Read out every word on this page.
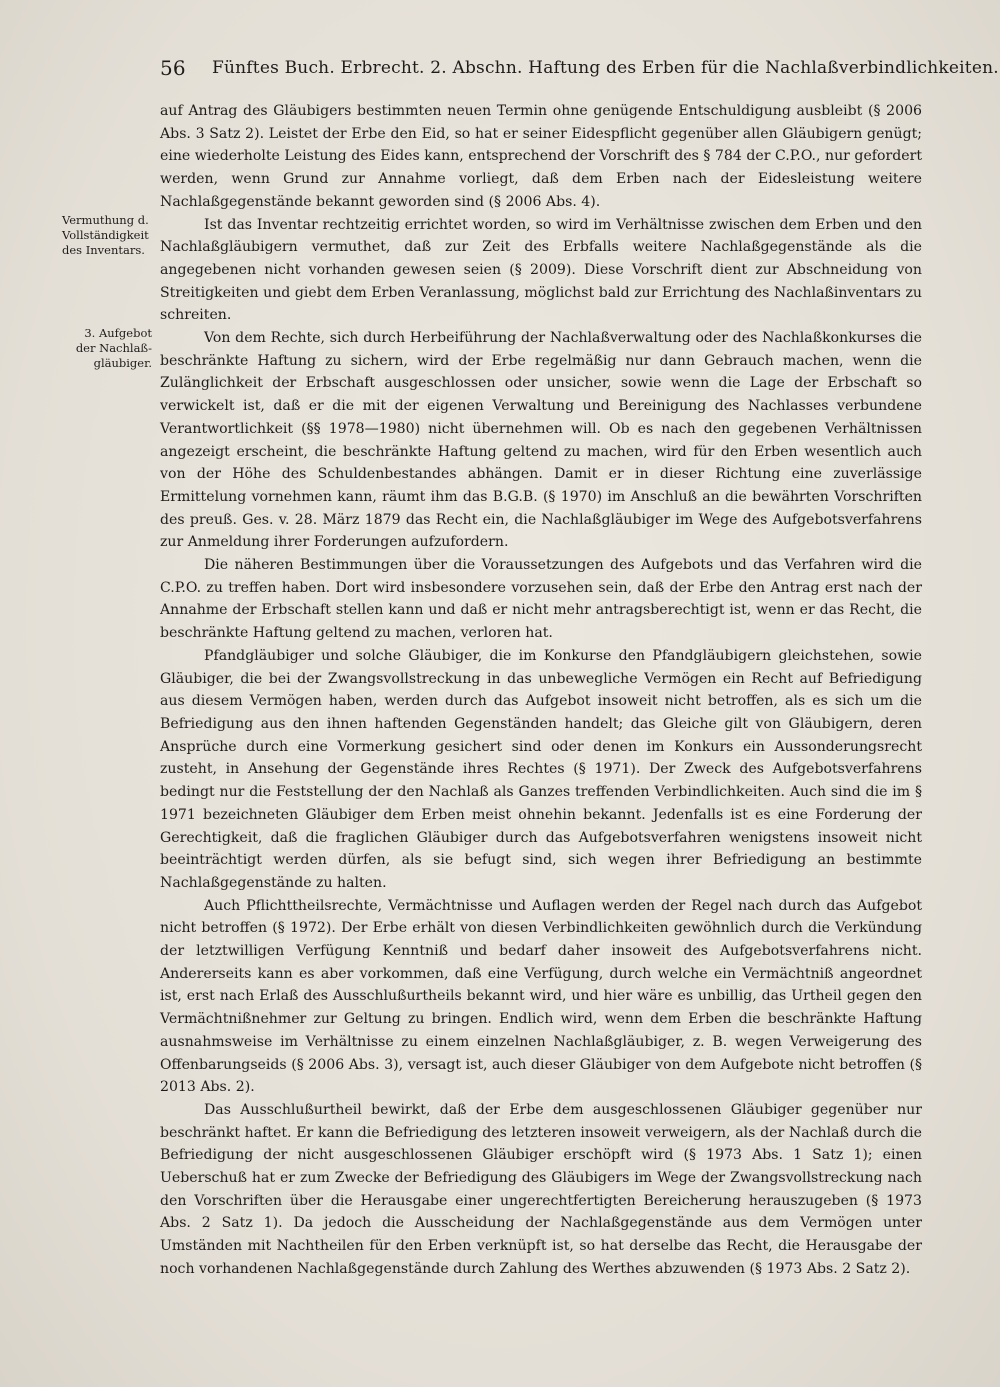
56 Fünftes Buch. Erbrecht. 2. Abschn. Haftung des Erben für die Nachlaßverbindlichkeiten.
Vermuthung d.
Vollständigkeit
des Inventars.
3. Aufgebot
der Nachlaß-
gläubiger.

auf Antrag des Gläubigers bestimmten neuen Termin ohne genügende Entschuldigung ausbleibt (§ 2006 Abs. 3 Satz 2). Leistet der Erbe den Eid, so hat er seiner Eidespflicht gegenüber allen Gläubigern genügt; eine wiederholte Leistung des Eides kann, entsprechend der Vorschrift des § 784 der C.P.O., nur gefordert werden, wenn Grund zur Annahme vorliegt, daß dem Erben nach der Eidesleistung weitere Nachlaßgegenstände bekannt geworden sind (§ 2006 Abs. 4).

Ist das Inventar rechtzeitig errichtet worden, so wird im Verhältnisse zwischen dem Erben und den Nachlaßgläubigern vermuthet, daß zur Zeit des Erbfalls weitere Nachlaßgegenstände als die angegebenen nicht vorhanden gewesen seien (§ 2009). Diese Vorschrift dient zur Abschneidung von Streitigkeiten und giebt dem Erben Veranlassung, möglichst bald zur Errichtung des Nachlaßinventars zu schreiten.

Von dem Rechte, sich durch Herbeiführung der Nachlaßverwaltung oder des Nachlaßkonkurses die beschränkte Haftung zu sichern, wird der Erbe regelmäßig nur dann Gebrauch machen, wenn die Zulänglichkeit der Erbschaft ausgeschlossen oder unsicher, sowie wenn die Lage der Erbschaft so verwickelt ist, daß er die mit der eigenen Verwaltung und Bereinigung des Nachlasses verbundene Verantwortlichkeit (§§ 1978—1980) nicht übernehmen will. Ob es nach den gegebenen Verhältnissen angezeigt erscheint, die beschränkte Haftung geltend zu machen, wird für den Erben wesentlich auch von der Höhe des Schuldenbestandes abhängen. Damit er in dieser Richtung eine zuverlässige Ermittelung vornehmen kann, räumt ihm das B.G.B. (§ 1970) im Anschluß an die bewährten Vorschriften des preuß. Ges. v. 28. März 1879 das Recht ein, die Nachlaßgläubiger im Wege des Aufgebotsverfahrens zur Anmeldung ihrer Forderungen aufzufordern.

Die näheren Bestimmungen über die Voraussetzungen des Aufgebots und das Verfahren wird die C.P.O. zu treffen haben. Dort wird insbesondere vorzusehen sein, daß der Erbe den Antrag erst nach der Annahme der Erbschaft stellen kann und daß er nicht mehr antragsberechtigt ist, wenn er das Recht, die beschränkte Haftung geltend zu machen, verloren hat.

Pfandgläubiger und solche Gläubiger, die im Konkurse den Pfandgläubigern gleichstehen, sowie Gläubiger, die bei der Zwangsvollstreckung in das unbewegliche Vermögen ein Recht auf Befriedigung aus diesem Vermögen haben, werden durch das Aufgebot insoweit nicht betroffen, als es sich um die Befriedigung aus den ihnen haftenden Gegenständen handelt; das Gleiche gilt von Gläubigern, deren Ansprüche durch eine Vormerkung gesichert sind oder denen im Konkurs ein Aussonderungsrecht zusteht, in Ansehung der Gegenstände ihres Rechtes (§ 1971). Der Zweck des Aufgebotsverfahrens bedingt nur die Feststellung der den Nachlaß als Ganzes treffenden Verbindlichkeiten. Auch sind die im § 1971 bezeichneten Gläubiger dem Erben meist ohnehin bekannt. Jedenfalls ist es eine Forderung der Gerechtigkeit, daß die fraglichen Gläubiger durch das Aufgebotsverfahren wenigstens insoweit nicht beeinträchtigt werden dürfen, als sie befugt sind, sich wegen ihrer Befriedigung an bestimmte Nachlaßgegenstände zu halten.

Auch Pflichttheilsrechte, Vermächtnisse und Auflagen werden der Regel nach durch das Aufgebot nicht betroffen (§ 1972). Der Erbe erhält von diesen Verbindlichkeiten gewöhnlich durch die Verkündung der letztwilligen Verfügung Kenntniß und bedarf daher insoweit des Aufgebotsverfahrens nicht. Andererseits kann es aber vorkommen, daß eine Verfügung, durch welche ein Vermächtniß angeordnet ist, erst nach Erlaß des Ausschlußurtheils bekannt wird, und hier wäre es unbillig, das Urtheil gegen den Vermächtnißnehmer zur Geltung zu bringen. Endlich wird, wenn dem Erben die beschränkte Haftung ausnahmsweise im Verhältnisse zu einem einzelnen Nachlaßgläubiger, z. B. wegen Verweigerung des Offenbarungseids (§ 2006 Abs. 3), versagt ist, auch dieser Gläubiger von dem Aufgebote nicht betroffen (§ 2013 Abs. 2).

Das Ausschlußurtheil bewirkt, daß der Erbe dem ausgeschlossenen Gläubiger gegenüber nur beschränkt haftet. Er kann die Befriedigung des letzteren insoweit verweigern, als der Nachlaß durch die Befriedigung der nicht ausgeschlossenen Gläubiger erschöpft wird (§ 1973 Abs. 1 Satz 1); einen Ueberschuß hat er zum Zwecke der Befriedigung des Gläubigers im Wege der Zwangsvollstreckung nach den Vorschriften über die Herausgabe einer ungerechtfertigten Bereicherung herauszugeben (§ 1973 Abs. 2 Satz 1). Da jedoch die Ausscheidung der Nachlaßgegenstände aus dem Vermögen unter Umständen mit Nachtheilen für den Erben verknüpft ist, so hat derselbe das Recht, die Herausgabe der noch vorhandenen Nachlaßgegenstände durch Zahlung des Werthes abzuwenden (§ 1973 Abs. 2 Satz 2).
